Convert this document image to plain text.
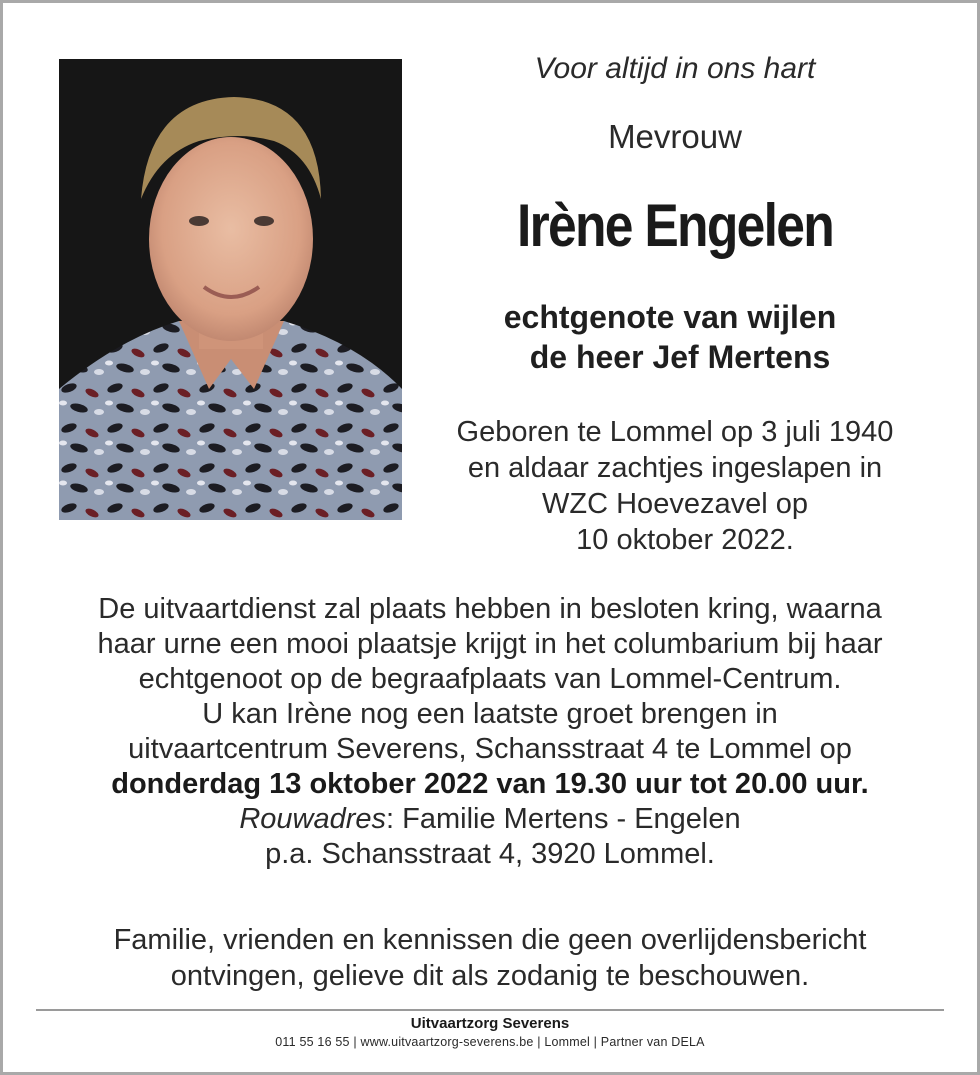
Voor altijd in ons hart
Mevrouw
Irène Engelen
echtgenote van wijlen
de heer Jef Mertens
Geboren te Lommel op 3 juli 1940
en aldaar zachtjes ingeslapen in
WZC Hoevezavel op
10 oktober 2022.
De uitvaartdienst zal plaats hebben in besloten kring, waarna
haar urne een mooi plaatsje krijgt in het columbarium bij haar
echtgenoot op de begraafplaats van Lommel-Centrum.
U kan Irène nog een laatste groet brengen in
uitvaartcentrum Severens, Schansstraat 4 te Lommel op
donderdag 13 oktober 2022 van 19.30 uur tot 20.00 uur.
Rouwadres: Familie Mertens - Engelen
p.a. Schansstraat 4, 3920 Lommel.
Familie, vrienden en kennissen die geen overlijdensbericht
ontvingen, gelieve dit als zodanig te beschouwen.
Uitvaartzorg Severens
011 55 16 55 | www.uitvaartzorg-severens.be | Lommel | Partner van DELA
